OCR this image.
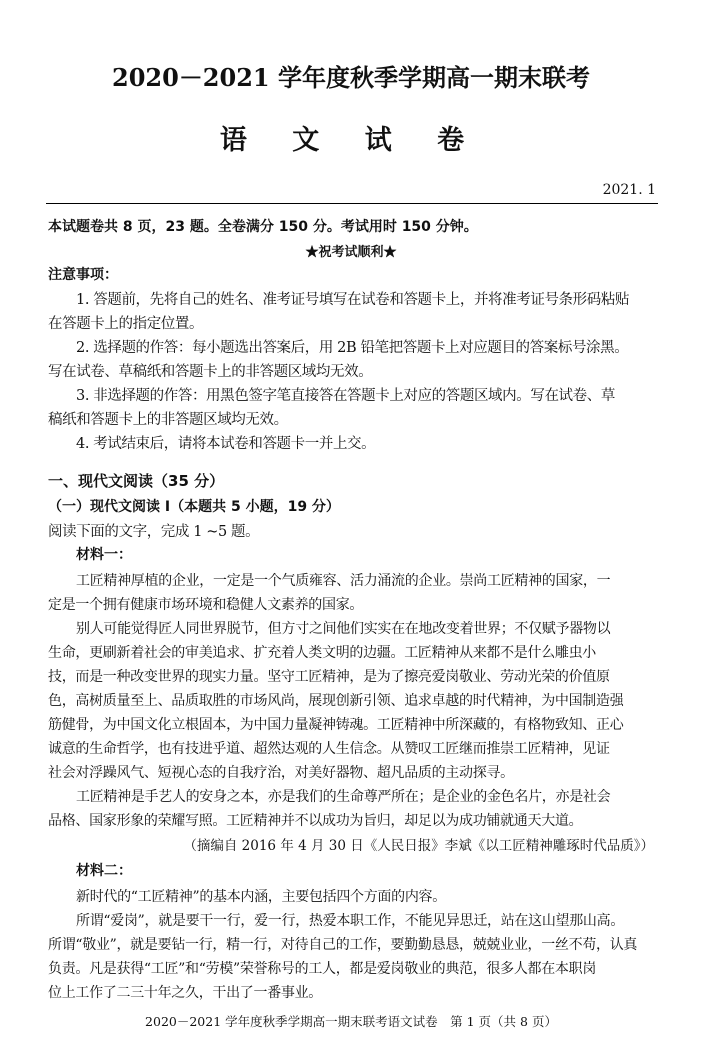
2020－2021 学年度秋季学期高一期末联考
语 文 试 卷
2021. 1
本试题卷共 8 页，23 题。全卷满分 150 分。考试用时 150 分钟。
★祝考试顺利★
注意事项：
1. 答题前，先将自己的姓名、准考证号填写在试卷和答题卡上，并将准考证号条形码粘贴
在答题卡上的指定位置。
2. 选择题的作答：每小题选出答案后，用 2B 铅笔把答题卡上对应题目的答案标号涂黑。
写在试卷、草稿纸和答题卡上的非答题区域均无效。
3. 非选择题的作答：用黑色签字笔直接答在答题卡上对应的答题区域内。写在试卷、草
稿纸和答题卡上的非答题区域均无效。
4. 考试结束后，请将本试卷和答题卡一并上交。
一、现代文阅读（35 分）
（一）现代文阅读 I（本题共 5 小题，19 分）
阅读下面的文字，完成 1 ~5 题。
材料一：
工匠精神厚植的企业，一定是一个气质雍容、活力涌流的企业。崇尚工匠精神的国家，一
定是一个拥有健康市场环境和稳健人文素养的国家。
别人可能觉得匠人同世界脱节，但方寸之间他们实实在在地改变着世界；不仅赋予器物以
生命，更刷新着社会的审美追求、扩充着人类文明的边疆。工匠精神从来都不是什么雕虫小
技，而是一种改变世界的现实力量。坚守工匠精神，是为了擦亮爱岗敬业、劳动光荣的价值原
色，高树质量至上、品质取胜的市场风尚，展现创新引领、追求卓越的时代精神，为中国制造强
筋健骨，为中国文化立根固本，为中国力量凝神铸魂。工匠精神中所深藏的，有格物致知、正心
诚意的生命哲学，也有技进乎道、超然达观的人生信念。从赞叹工匠继而推崇工匠精神，见证
社会对浮躁风气、短视心态的自我疗治，对美好器物、超凡品质的主动探寻。
工匠精神是手艺人的安身之本，亦是我们的生命尊严所在；是企业的金色名片，亦是社会
品格、国家形象的荣耀写照。工匠精神并不以成功为旨归，却足以为成功铺就通天大道。
（摘编自 2016 年 4 月 30 日《人民日报》李斌《以工匠精神雕琢时代品质》）
材料二：
新时代的“工匠精神”的基本内涵，主要包括四个方面的内容。
所谓“爱岗”，就是要干一行，爱一行，热爱本职工作，不能见异思迁，站在这山望那山高。
所谓“敬业”，就是要钻一行，精一行，对待自己的工作，要勤勤恳恳，兢兢业业，一丝不苟，认真
负责。凡是获得“工匠”和“劳模”荣誉称号的工人，都是爱岗敬业的典范，很多人都在本职岗
位上工作了二三十年之久，干出了一番事业。
2020－2021 学年度秋季学期高一期末联考语文试卷　第 1 页（共 8 页）
